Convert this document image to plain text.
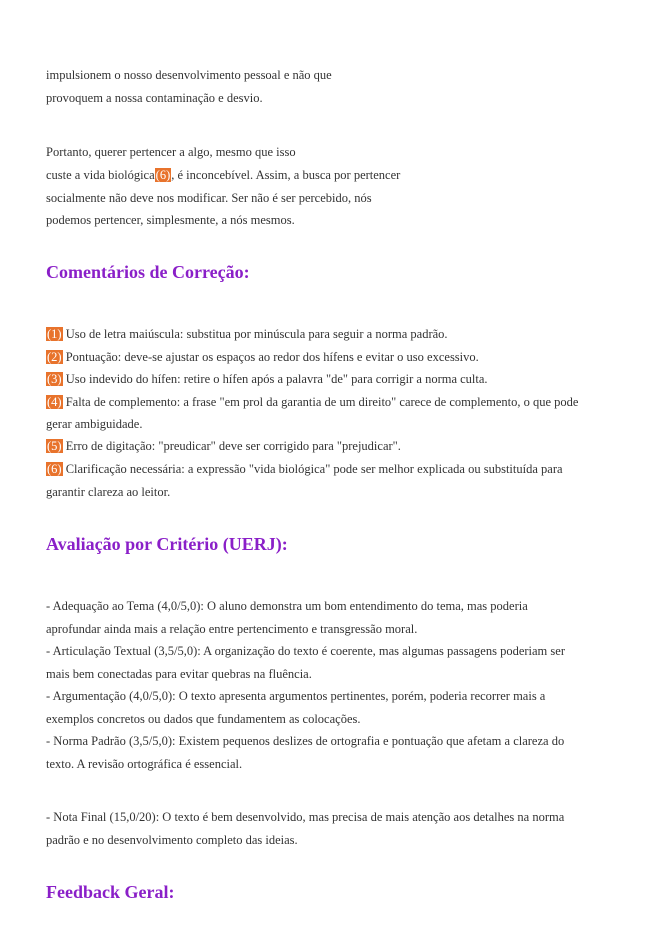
impulsionem o nosso desenvolvimento pessoal e não que
provoquem a nossa contaminação e desvio.
Portanto, querer pertencer a algo, mesmo que isso
custe a vida biológica(6), é inconcebível. Assim, a busca por pertencer
socialmente não deve nos modificar. Ser não é ser percebido, nós
podemos pertencer, simplesmente, a nós mesmos.
Comentários de Correção:
(1) Uso de letra maiúscula: substitua por minúscula para seguir a norma padrão.
(2) Pontuação: deve-se ajustar os espaços ao redor dos hífens e evitar o uso excessivo.
(3) Uso indevido do hífen: retire o hífen após a palavra "de" para corrigir a norma culta.
(4) Falta de complemento: a frase "em prol da garantia de um direito" carece de complemento, o que pode
gerar ambiguidade.
(5) Erro de digitação: "preudicar" deve ser corrigido para "prejudicar".
(6) Clarificação necessária: a expressão "vida biológica" pode ser melhor explicada ou substituída para
garantir clareza ao leitor.
Avaliação por Critério (UERJ):
- Adequação ao Tema (4,0/5,0): O aluno demonstra um bom entendimento do tema, mas poderia
aprofundar ainda mais a relação entre pertencimento e transgressão moral.
- Articulação Textual (3,5/5,0): A organização do texto é coerente, mas algumas passagens poderiam ser
mais bem conectadas para evitar quebras na fluência.
- Argumentação (4,0/5,0): O texto apresenta argumentos pertinentes, porém, poderia recorrer mais a
exemplos concretos ou dados que fundamentem as colocações.
- Norma Padrão (3,5/5,0): Existem pequenos deslizes de ortografia e pontuação que afetam a clareza do
texto. A revisão ortográfica é essencial.
- Nota Final (15,0/20): O texto é bem desenvolvido, mas precisa de mais atenção aos detalhes na norma
padrão e no desenvolvimento completo das ideias.
Feedback Geral:
